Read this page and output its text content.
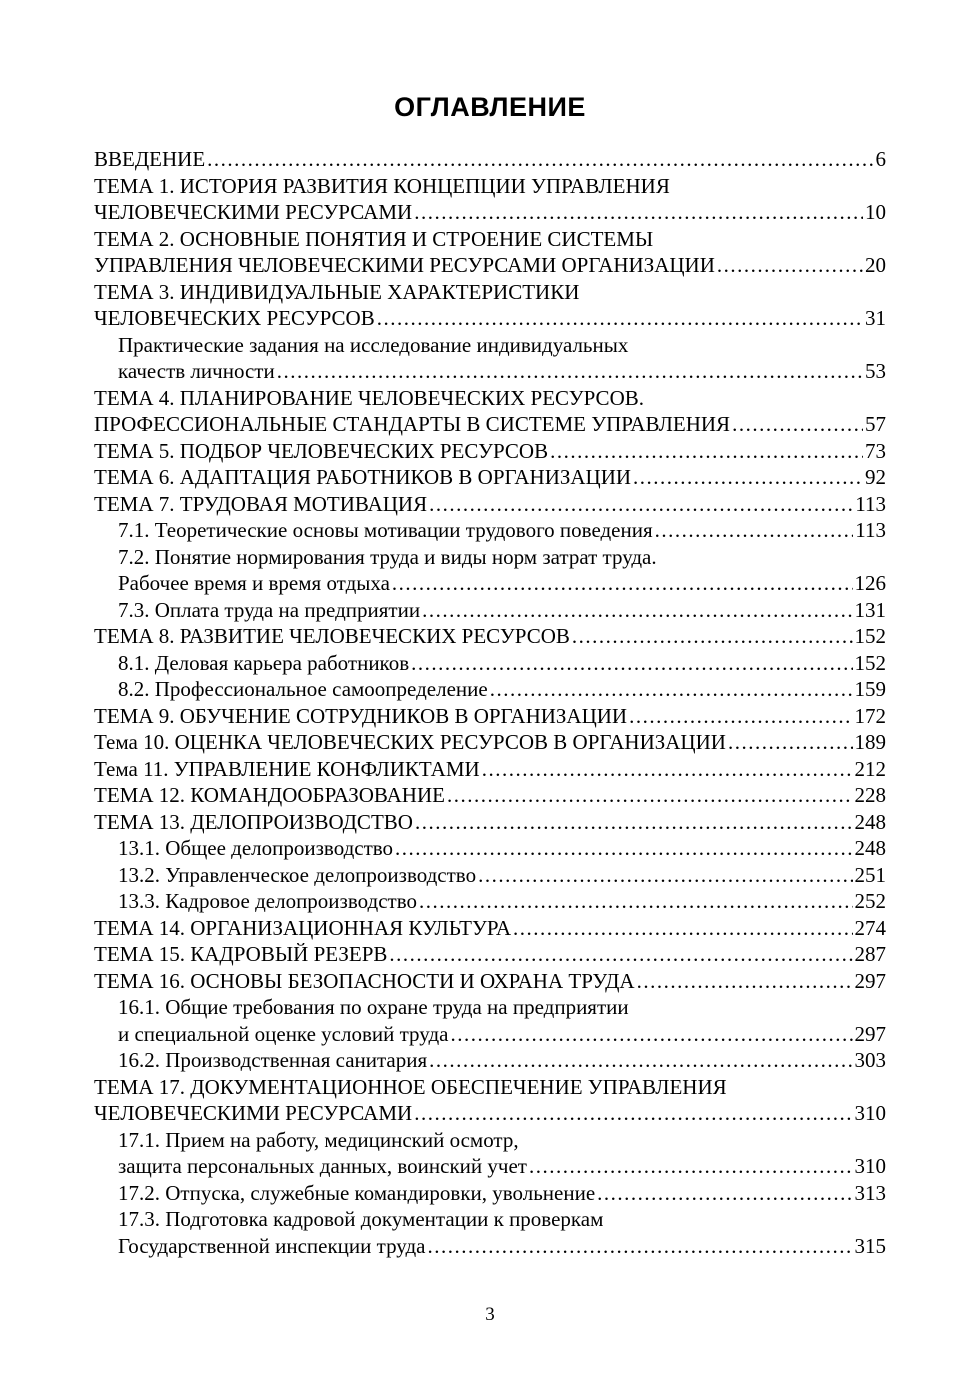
ОГЛАВЛЕНИЕ
ВВЕДЕНИЕ .....	6
ТЕМА 1. ИСТОРИЯ РАЗВИТИЯ КОНЦЕПЦИИ УПРАВЛЕНИЯ
ЧЕЛОВЕЧЕСКИМИ РЕСУРСАМИ .....	10
ТЕМА 2. ОСНОВНЫЕ ПОНЯТИЯ И СТРОЕНИЕ СИСТЕМЫ
УПРАВЛЕНИЯ ЧЕЛОВЕЧЕСКИМИ РЕСУРСАМИ ОРГАНИЗАЦИИ .....	20
ТЕМА 3. ИНДИВИДУАЛЬНЫЕ ХАРАКТЕРИСТИКИ
ЧЕЛОВЕЧЕСКИХ РЕСУРСОВ .....	31
Практические задания на исследование индивидуальных
качеств личности .....	53
ТЕМА 4. ПЛАНИРОВАНИЕ ЧЕЛОВЕЧЕСКИХ РЕСУРСОВ.
ПРОФЕССИОНАЛЬНЫЕ СТАНДАРТЫ В СИСТЕМЕ УПРАВЛЕНИЯ .....	57
ТЕМА 5. ПОДБОР ЧЕЛОВЕЧЕСКИХ РЕСУРСОВ .....	73
ТЕМА 6. АДАПТАЦИЯ РАБОТНИКОВ В ОРГАНИЗАЦИИ .....	92
ТЕМА 7. ТРУДОВАЯ МОТИВАЦИЯ .....	113
7.1. Теоретические основы мотивации трудового поведения .....	113
7.2. Понятие нормирования труда и виды норм затрат труда.
Рабочее время и время отдыха .....	126
7.3. Оплата труда на предприятии .....	131
ТЕМА 8. РАЗВИТИЕ ЧЕЛОВЕЧЕСКИХ РЕСУРСОВ .....	152
8.1. Деловая карьера работников .....	152
8.2. Профессиональное самоопределение .....	159
ТЕМА 9. ОБУЧЕНИЕ СОТРУДНИКОВ В ОРГАНИЗАЦИИ .....	172
Тема 10. ОЦЕНКА ЧЕЛОВЕЧЕСКИХ РЕСУРСОВ В ОРГАНИЗАЦИИ .....	189
Тема 11. УПРАВЛЕНИЕ КОНФЛИКТАМИ .....	212
ТЕМА 12. КОМАНДООБРАЗОВАНИЕ .....	228
ТЕМА 13. ДЕЛОПРОИЗВОДСТВО .....	248
13.1. Общее делопроизводство .....	248
13.2. Управленческое делопроизводство .....	251
13.3. Кадровое делопроизводство .....	252
ТЕМА 14. ОРГАНИЗАЦИОННАЯ КУЛЬТУРА .....	274
ТЕМА 15. КАДРОВЫЙ РЕЗЕРВ .....	287
ТЕМА 16. ОСНОВЫ БЕЗОПАСНОСТИ И ОХРАНА ТРУДА .....	297
16.1. Общие требования по охране труда на предприятии
и специальной оценке условий труда .....	297
16.2. Производственная санитария .....	303
ТЕМА 17. ДОКУМЕНТАЦИОННОЕ ОБЕСПЕЧЕНИЕ УПРАВЛЕНИЯ
ЧЕЛОВЕЧЕСКИМИ РЕСУРСАМИ .....	310
17.1. Прием на работу, медицинский осмотр,
защита персональных данных, воинский учет .....	310
17.2. Отпуска, служебные командировки, увольнение .....	313
17.3. Подготовка кадровой документации к проверкам
Государственной инспекции труда .....	315
3
